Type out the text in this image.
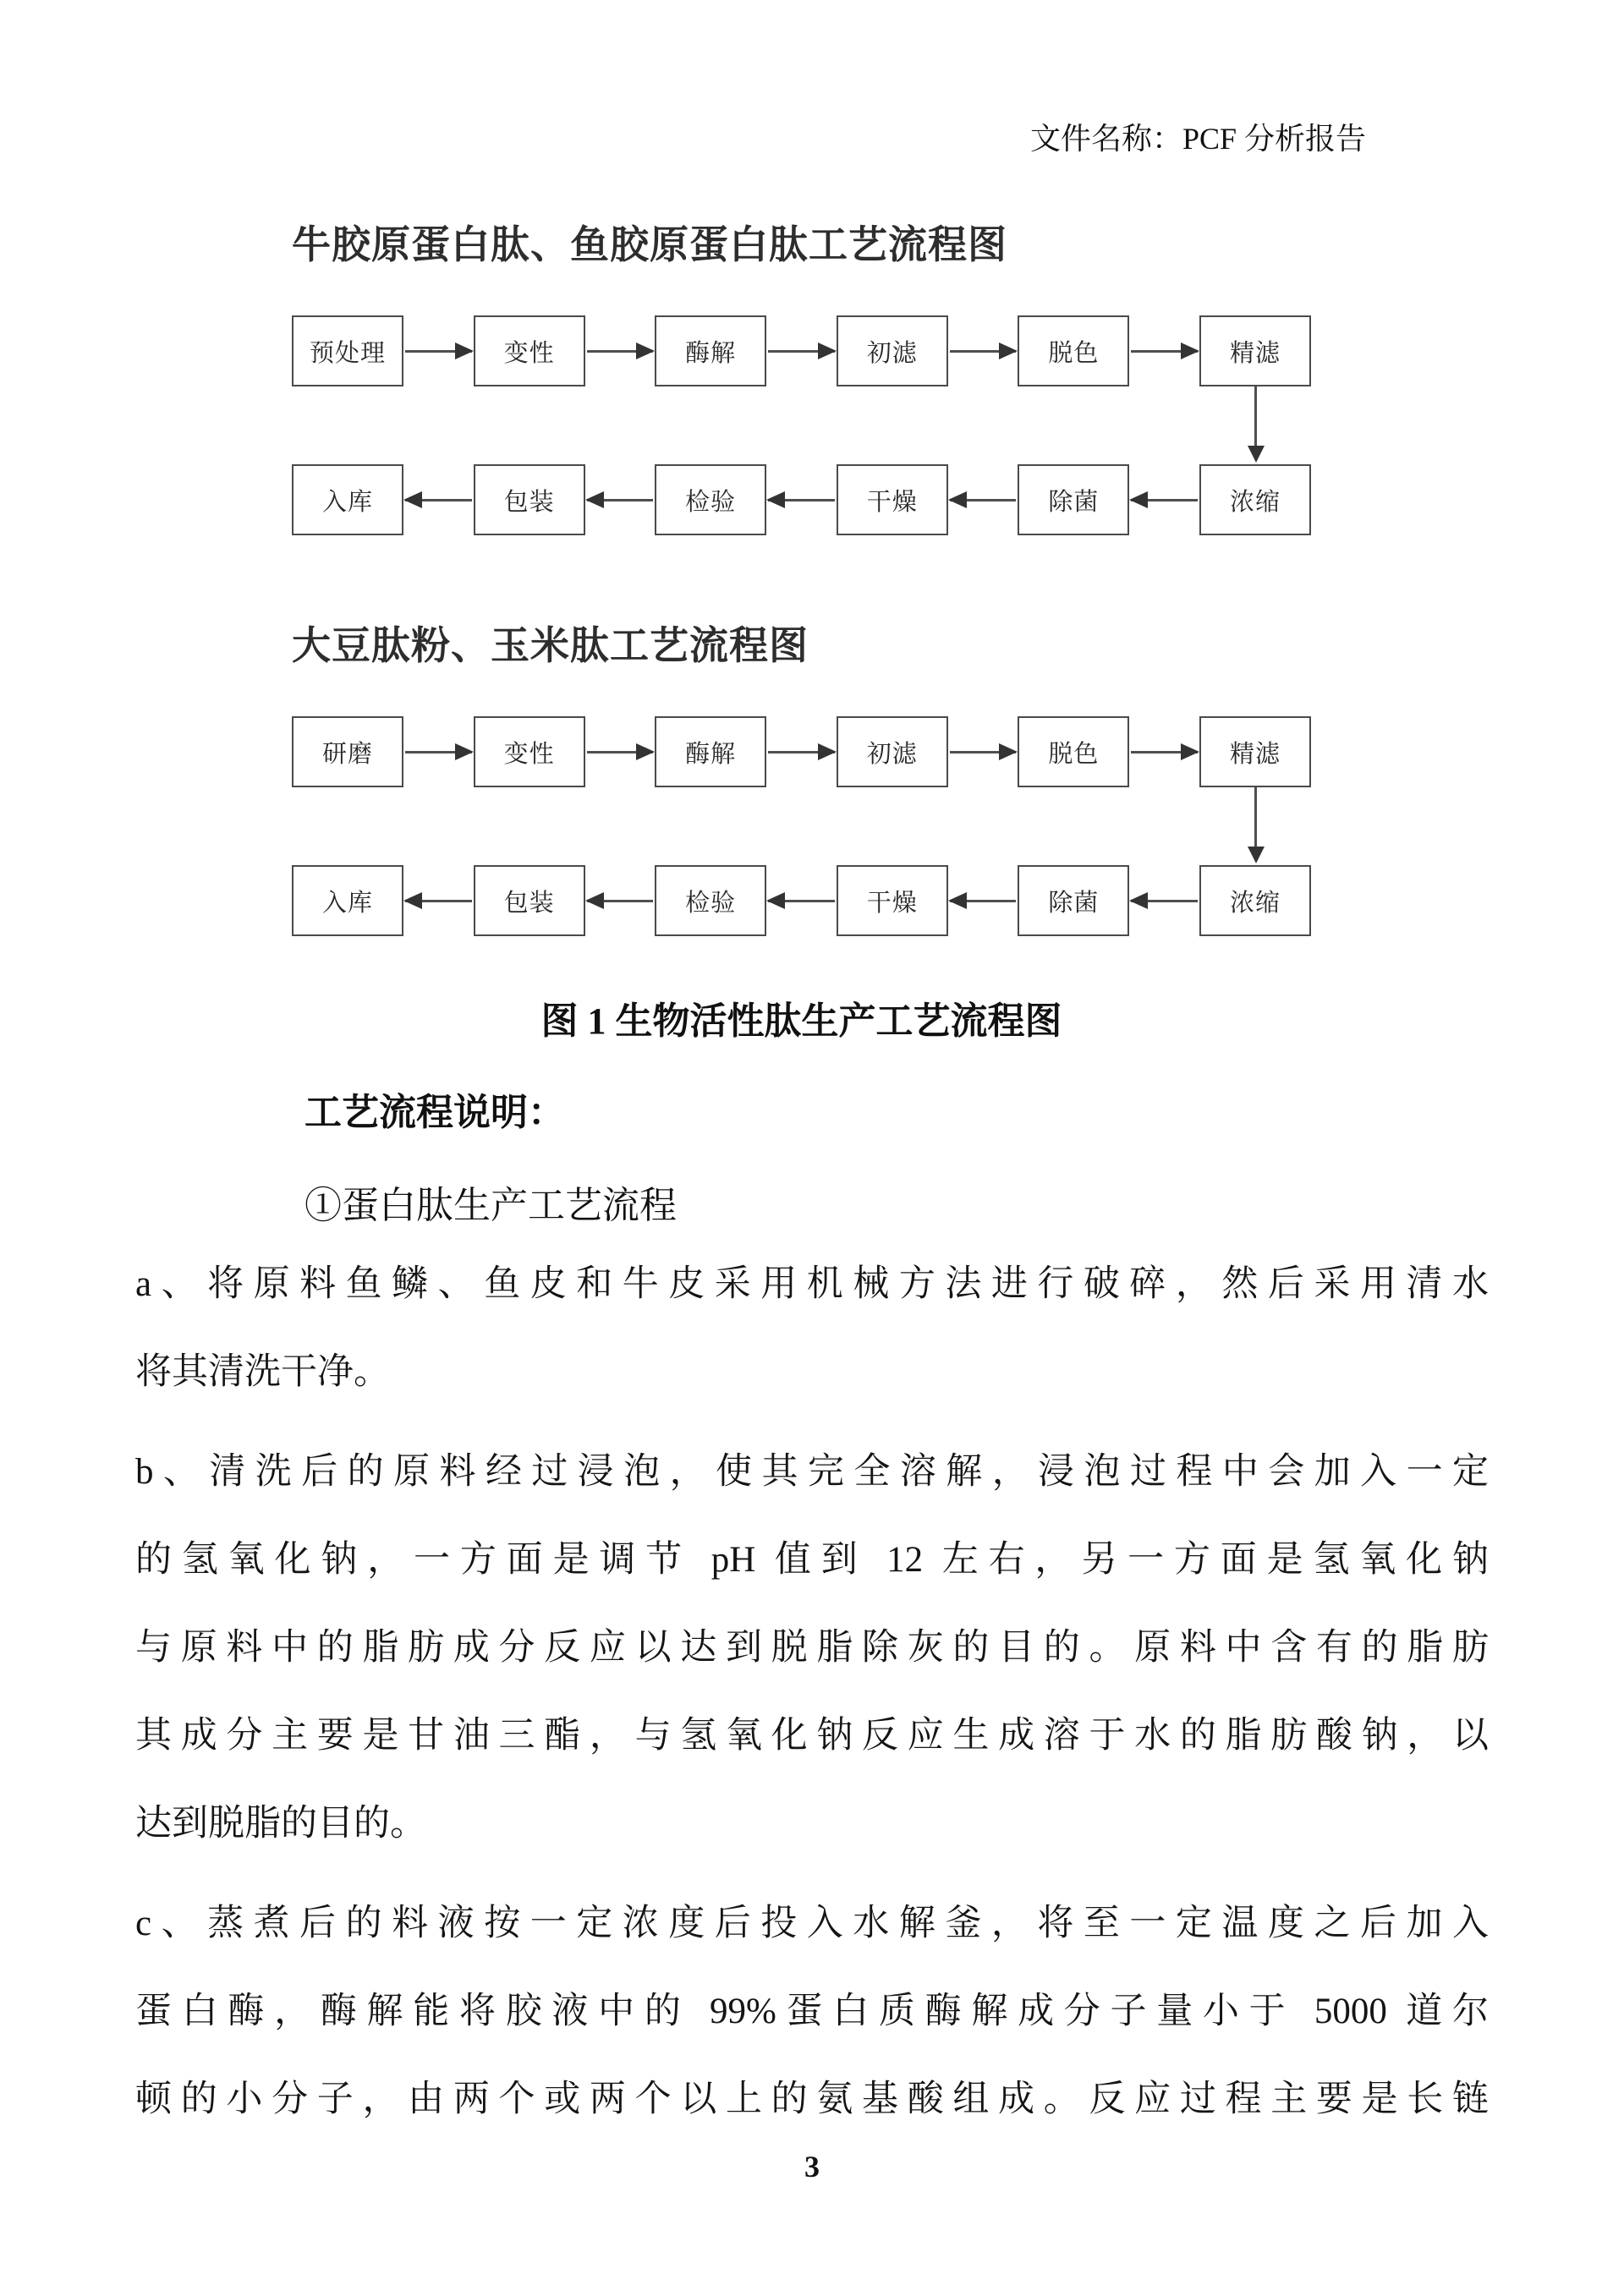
文件名称：PCF 分析报告
牛胶原蛋白肽、鱼胶原蛋白肽工艺流程图
预处理	变性	酶解	初滤	脱色	精滤
入库	包装	检验	干燥	除菌	浓缩
大豆肽粉、玉米肽工艺流程图
研磨	变性	酶解	初滤	脱色	精滤
入库	包装	检验	干燥	除菌	浓缩
图 1 生物活性肽生产工艺流程图
工艺流程说明：
①蛋白肽生产工艺流程
a、将原料鱼鳞、鱼皮和牛皮采用机械方法进行破碎，然后采用清水
将其清洗干净。
b、清洗后的原料经过浸泡，使其完全溶解，浸泡过程中会加入一定
的氢氧化钠，一方面是调节 pH 值到 12 左右，另一方面是氢氧化钠
与原料中的脂肪成分反应以达到脱脂除灰的目的。原料中含有的脂肪
其成分主要是甘油三酯，与氢氧化钠反应生成溶于水的脂肪酸钠，以
达到脱脂的目的。
c、蒸煮后的料液按一定浓度后投入水解釜，将至一定温度之后加入
蛋白酶，酶解能将胶液中的 99%蛋白质酶解成分子量小于 5000 道尔
顿的小分子，由两个或两个以上的氨基酸组成。反应过程主要是长链
3
